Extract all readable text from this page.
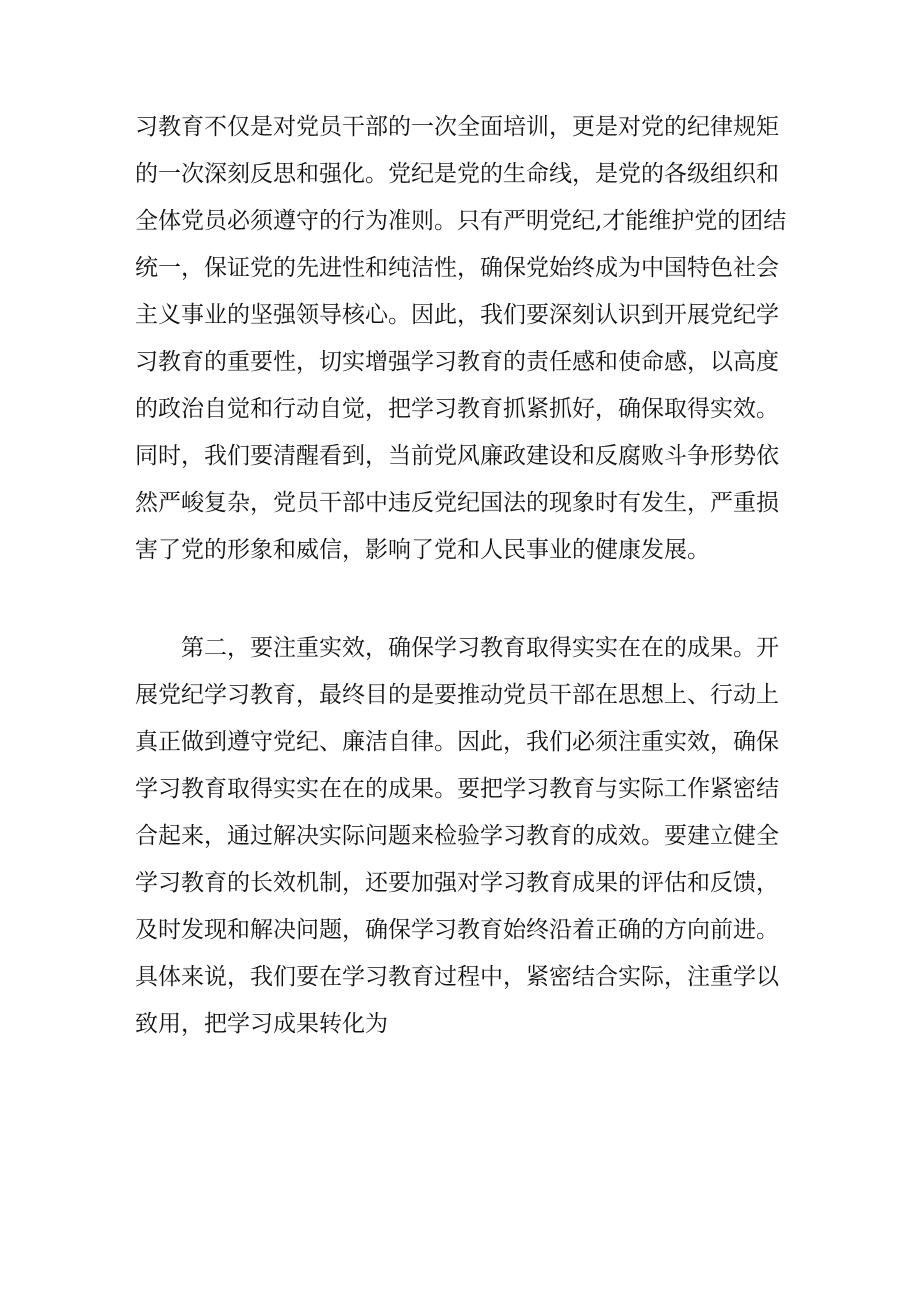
习教育不仅是对党员干部的一次全面培训，更是对党的纪律规矩
的一次深刻反思和强化。党纪是党的生命线，是党的各级组织和
全体党员必须遵守的行为准则。只有严明党纪,才能维护党的团结
统一，保证党的先进性和纯洁性，确保党始终成为中国特色社会
主义事业的坚强领导核心。因此，我们要深刻认识到开展党纪学
习教育的重要性，切实增强学习教育的责任感和使命感，以高度
的政治自觉和行动自觉，把学习教育抓紧抓好，确保取得实效。
同时，我们要清醒看到，当前党风廉政建设和反腐败斗争形势依
然严峻复杂，党员干部中违反党纪国法的现象时有发生，严重损
害了党的形象和威信，影响了党和人民事业的健康发展。
　　第二，要注重实效，确保学习教育取得实实在在的成果。开
展党纪学习教育，最终目的是要推动党员干部在思想上、行动上
真正做到遵守党纪、廉洁自律。因此，我们必须注重实效，确保
学习教育取得实实在在的成果。要把学习教育与实际工作紧密结
合起来，通过解决实际问题来检验学习教育的成效。要建立健全
学习教育的长效机制，还要加强对学习教育成果的评估和反馈，
及时发现和解决问题，确保学习教育始终沿着正确的方向前进。
具体来说，我们要在学习教育过程中，紧密结合实际，注重学以
致用，把学习成果转化为
